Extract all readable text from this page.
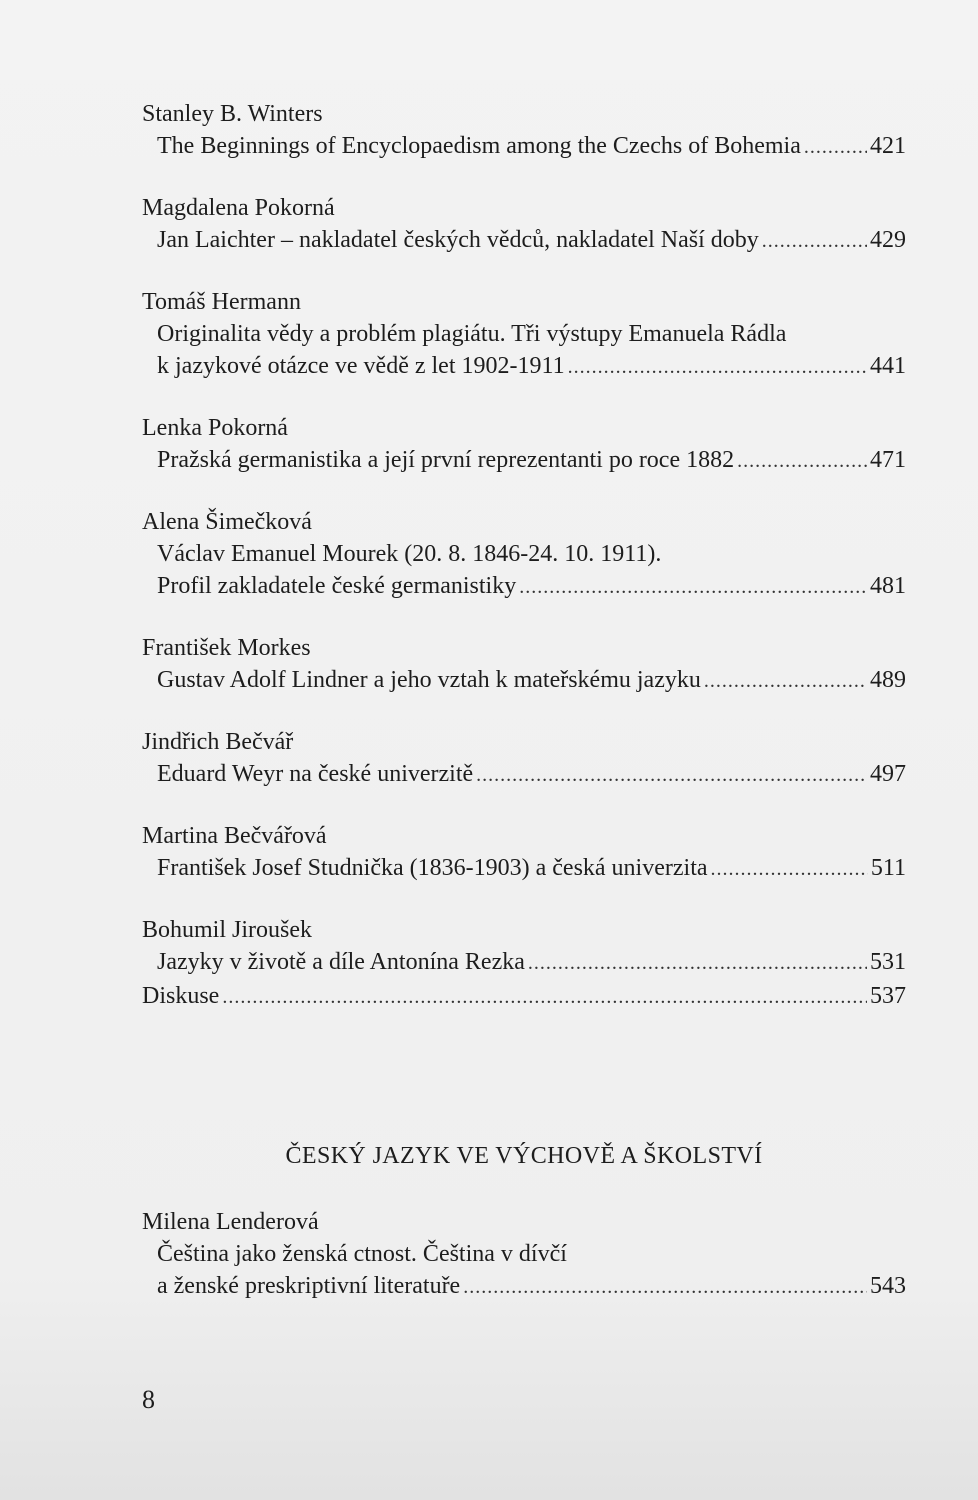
Stanley B. Winters
The Beginnings of Encyclopaedism among the Czechs of Bohemia .....	421
Magdalena Pokorná
Jan Laichter – nakladatel českých vědců, nakladatel Naší doby .....	429
Tomáš Hermann
Originalita vědy a problém plagiátu. Tři výstupy Emanuela Rádla
k jazykové otázce ve vědě z let 1902-1911 .....	441
Lenka Pokorná
Pražská germanistika a její první reprezentanti po roce 1882 .....	471
Alena Šimečková
Václav Emanuel Mourek (20. 8. 1846-24. 10. 1911).
Profil zakladatele české germanistiky .....	481
František Morkes
Gustav Adolf Lindner a jeho vztah k mateřskému jazyku .....	489
Jindřich Bečvář
Eduard Weyr na české univerzitě .....	497
Martina Bečvářová
František Josef Studnička (1836-1903) a česká univerzita .....	511
Bohumil Jiroušek
Jazyky v životě a díle Antonína Rezka .....	531
Diskuse .....	537
ČESKÝ JAZYK VE VÝCHOVĚ A ŠKOLSTVÍ
Milena Lenderová
Čeština jako ženská ctnost. Čeština v dívčí
a ženské preskriptivní literatuře .....	543
8
